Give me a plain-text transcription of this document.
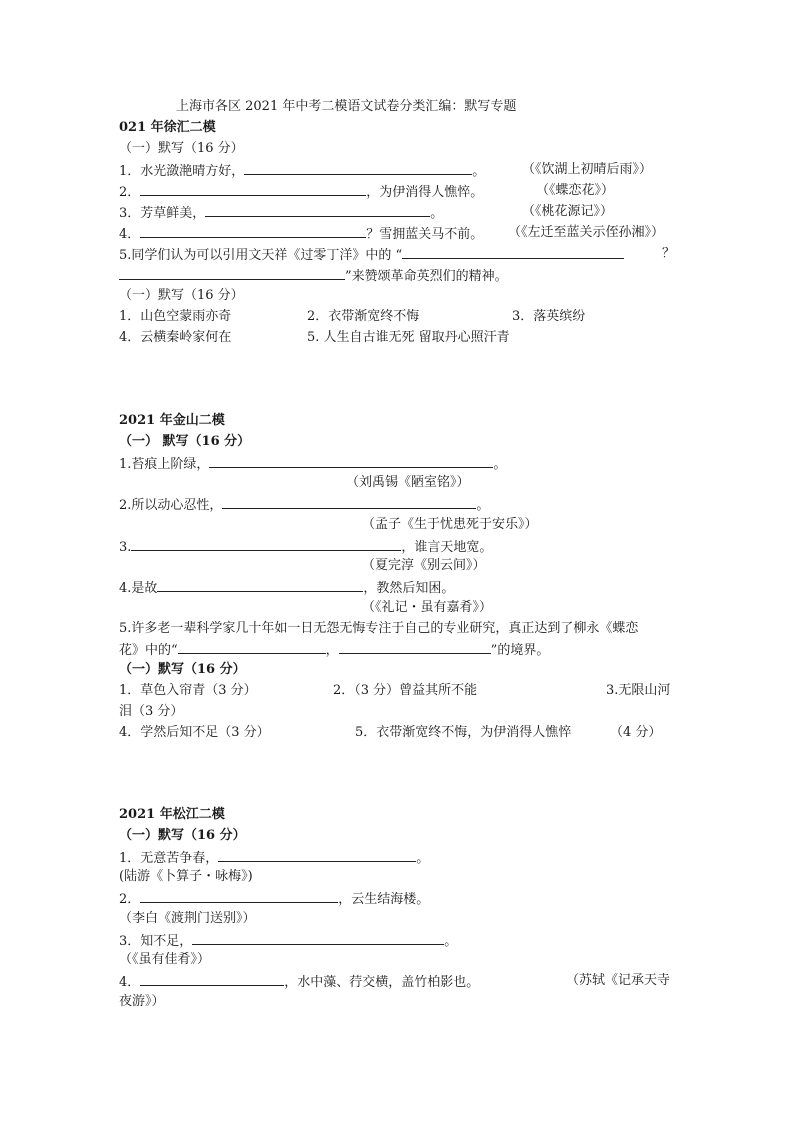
上海市各区 2021 年中考二模语文试卷分类汇编：默写专题
021 年徐汇二模
（一）默写（16 分）
1．水光潋滟晴方好，	。	（《饮湖上初晴后雨》）
2．	，为伊消得人憔悴。	（《蝶恋花》）
3．芳草鲜美，	。	（《桃花源记》）
4．	？雪拥蓝关马不前。 （《左迁至蓝关示侄孙湘》）
5.同学们认为可以引用文天祥《过零丁洋》中的 “	？
”来赞颂革命英烈们的精神。
（一）默写（16 分）
1．山色空蒙雨亦奇	2．衣带渐宽终不悔	3．落英缤纷
4．云横秦岭家何在	5. 人生自古谁无死 留取丹心照汗青
2021 年金山二模
（一） 默写（16 分）
1.苔痕上阶绿，	。
（刘禹锡《陋室铭》）
2.所以动心忍性，	。
（孟子《生于忧患死于安乐》）
3.	，谁言天地宽。
（夏完淳《别云间》）
4.是故	，教然后知困。
（《礼记・虽有嘉肴》）
5.许多老一辈科学家几十年如一日无怨无悔专注于自己的专业研究，真正达到了柳永《蝶恋
花》中的“	，	”的境界。
（一）默写（16 分）
1．草色入帘青（3 分）	2．（3 分）曾益其所不能	3.无限山河
泪（3 分）
4．学然后知不足（3 分）	5．衣带渐宽终不悔，为伊消得人憔悴	（4 分）
2021 年松江二模
（一）默写（16 分）
1．无意苦争春，	。
(陆游《卜算子・咏梅》)
2．	，云生结海楼。
（李白《渡荆门送别》）
3．知不足，	。
（《虽有佳肴》）
4．	，水中藻、荇交横，盖竹柏影也。	（苏轼《记承天寺
夜游》）
